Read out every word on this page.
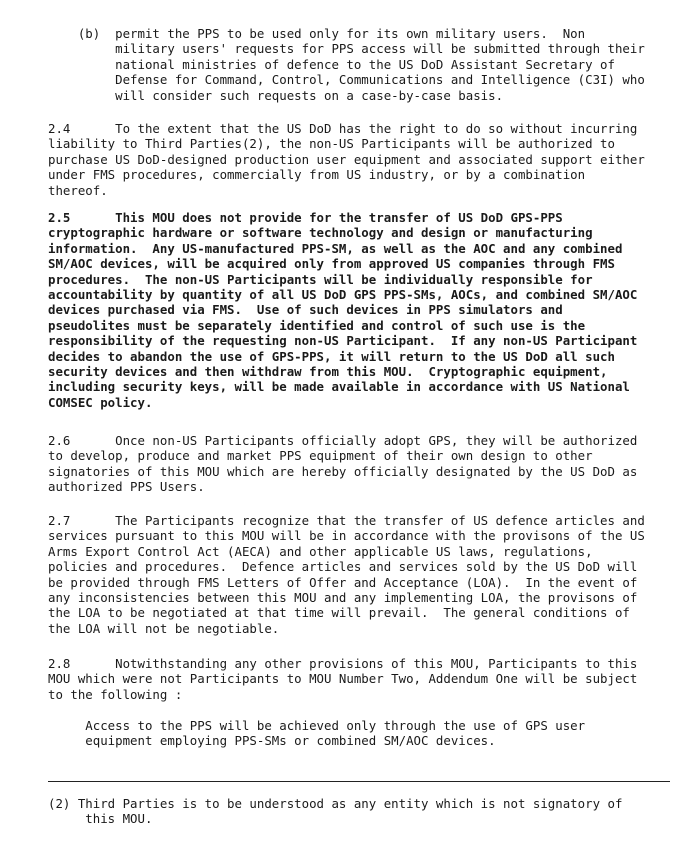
(b)  permit the PPS to be used only for its own military users.  Non
military users' requests for PPS access will be submitted through their
national ministries of defence to the US DoD Assistant Secretary of
Defense for Command, Control, Communications and Intelligence (C3I) who
will consider such requests on a case-by-case basis.
2.4      To the extent that the US DoD has the right to do so without incurring
liability to Third Parties(2), the non-US Participants will be authorized to
purchase US DoD-designed production user equipment and associated support either
under FMS procedures, commercially from US industry, or by a combination
thereof.
2.5      This MOU does not provide for the transfer of US DoD GPS-PPS
cryptographic hardware or software technology and design or manufacturing
information.  Any US-manufactured PPS-SM, as well as the AOC and any combined
SM/AOC devices, will be acquired only from approved US companies through FMS
procedures.  The non-US Participants will be individually responsible for
accountability by quantity of all US DoD GPS PPS-SMs, AOCs, and combined SM/AOC
devices purchased via FMS.  Use of such devices in PPS simulators and
pseudolites must be separately identified and control of such use is the
responsibility of the requesting non-US Participant.  If any non-US Participant
decides to abandon the use of GPS-PPS, it will return to the US DoD all such
security devices and then withdraw from this MOU.  Cryptographic equipment,
including security keys, will be made available in accordance with US National
COMSEC policy.
2.6      Once non-US Participants officially adopt GPS, they will be authorized
to develop, produce and market PPS equipment of their own design to other
signatories of this MOU which are hereby officially designated by the US DoD as
authorized PPS Users.
2.7      The Participants recognize that the transfer of US defence articles and
services pursuant to this MOU will be in accordance with the provisons of the US
Arms Export Control Act (AECA) and other applicable US laws, regulations,
policies and procedures.  Defence articles and services sold by the US DoD will
be provided through FMS Letters of Offer and Acceptance (LOA).  In the event of
any inconsistencies between this MOU and any implementing LOA, the provisons of
the LOA to be negotiated at that time will prevail.  The general conditions of
the LOA will not be negotiable.
2.8      Notwithstanding any other provisions of this MOU, Participants to this
MOU which were not Participants to MOU Number Two, Addendum One will be subject
to the following :
Access to the PPS will be achieved only through the use of GPS user
equipment employing PPS-SMs or combined SM/AOC devices.
(2) Third Parties is to be understood as any entity which is not signatory of
this MOU.
